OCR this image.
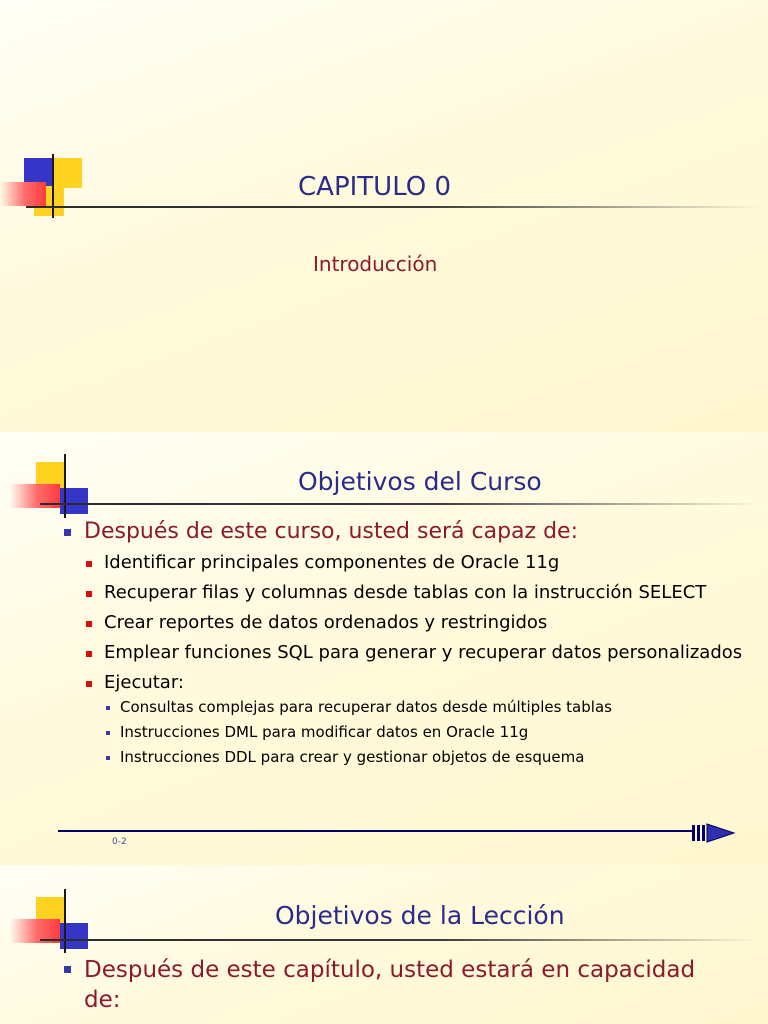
CAPITULO 0
Introducción
Objetivos del Curso
Después de este curso, usted será capaz de:
Identificar principales componentes de Oracle 11g
Recuperar filas y columnas desde tablas con la instrucción SELECT
Crear reportes de datos ordenados y restringidos
Emplear funciones SQL para generar y recuperar datos personalizados
Ejecutar:
Consultas complejas para recuperar datos desde múltiples tablas
Instrucciones DML para modificar datos en Oracle 11g
Instrucciones DDL para crear y gestionar objetos de esquema
0-2
Objetivos de la Lección
Después de este capítulo, usted estará en capacidad de:
